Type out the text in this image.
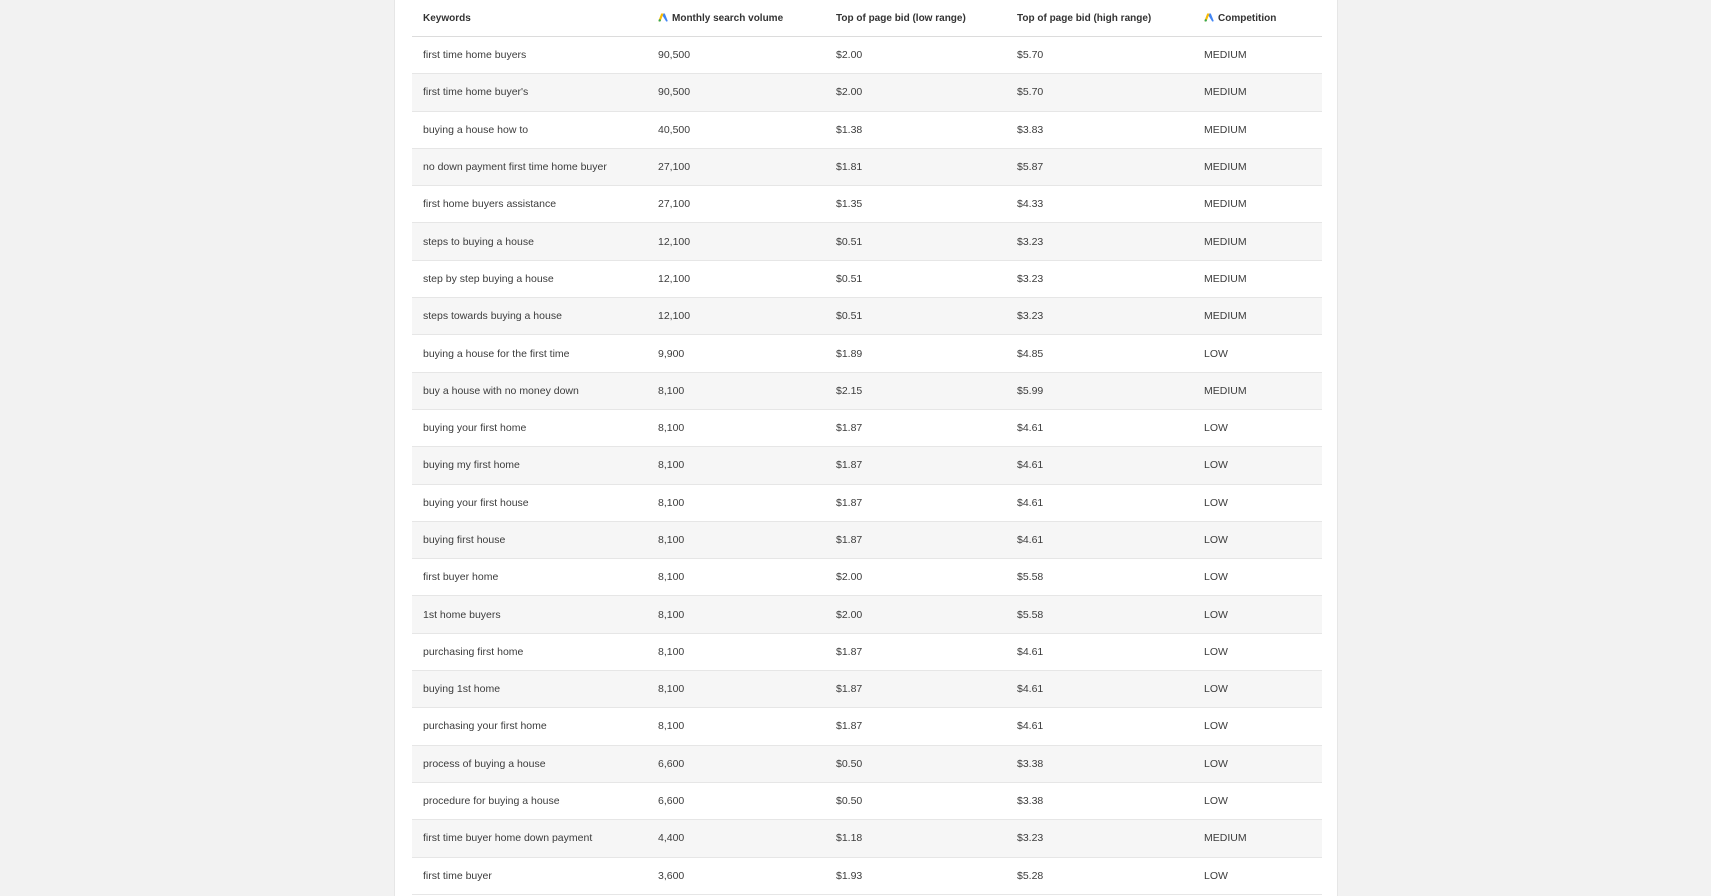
Keywords	Monthly search volume	Top of page bid (low range)	Top of page bid (high range)	Competition
first time home buyers	90,500	$2.00	$5.70	MEDIUM
first time home buyer's	90,500	$2.00	$5.70	MEDIUM
buying a house how to	40,500	$1.38	$3.83	MEDIUM
no down payment first time home buyer	27,100	$1.81	$5.87	MEDIUM
first home buyers assistance	27,100	$1.35	$4.33	MEDIUM
steps to buying a house	12,100	$0.51	$3.23	MEDIUM
step by step buying a house	12,100	$0.51	$3.23	MEDIUM
steps towards buying a house	12,100	$0.51	$3.23	MEDIUM
buying a house for the first time	9,900	$1.89	$4.85	LOW
buy a house with no money down	8,100	$2.15	$5.99	MEDIUM
buying your first home	8,100	$1.87	$4.61	LOW
buying my first home	8,100	$1.87	$4.61	LOW
buying your first house	8,100	$1.87	$4.61	LOW
buying first house	8,100	$1.87	$4.61	LOW
first buyer home	8,100	$2.00	$5.58	LOW
1st home buyers	8,100	$2.00	$5.58	LOW
purchasing first home	8,100	$1.87	$4.61	LOW
buying 1st home	8,100	$1.87	$4.61	LOW
purchasing your first home	8,100	$1.87	$4.61	LOW
process of buying a house	6,600	$0.50	$3.38	LOW
procedure for buying a house	6,600	$0.50	$3.38	LOW
first time buyer home down payment	4,400	$1.18	$3.23	MEDIUM
first time buyer	3,600	$1.93	$5.28	LOW
